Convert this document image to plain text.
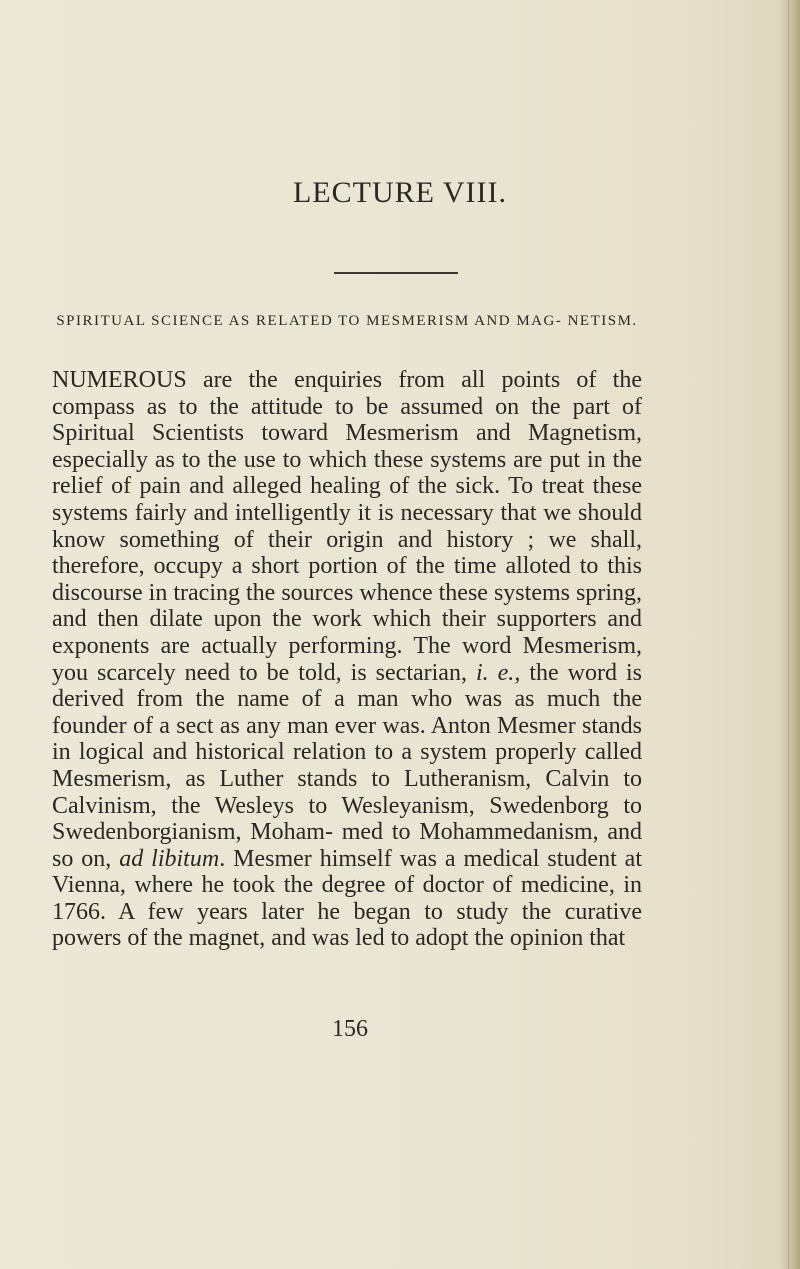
LECTURE VIII.
SPIRITUAL SCIENCE AS RELATED TO MESMERISM AND MAG- NETISM.

NUMEROUS are the enquiries from all points of the compass as to the attitude to be assumed on the part of Spiritual Scientists toward Mesmerism and Magnetism, especially as to the use to which these systems are put in the relief of pain and alleged healing of the sick. To treat these systems fairly and intelligently it is necessary that we should know something of their origin and history ; we shall, therefore, occupy a short portion of the time alloted to this discourse in tracing the sources whence these systems spring, and then dilate upon the work which their supporters and exponents are actually performing. The word Mesmerism, you scarcely need to be told, is sectarian, i. e., the word is derived from the name of a man who was as much the founder of a sect as any man ever was. Anton Mesmer stands in logical and historical relation to a system properly called Mesmerism, as Luther stands to Lutheranism, Calvin to Calvinism, the Wesleys to Wesleyanism, Swedenborg to Swedenborgianism, Moham- med to Mohammedanism, and so on, ad libitum. Mesmer himself was a medical student at Vienna, where he took the degree of doctor of medicine, in 1766. A few years later he began to study the curative powers of the magnet, and was led to adopt the opinion that

156
